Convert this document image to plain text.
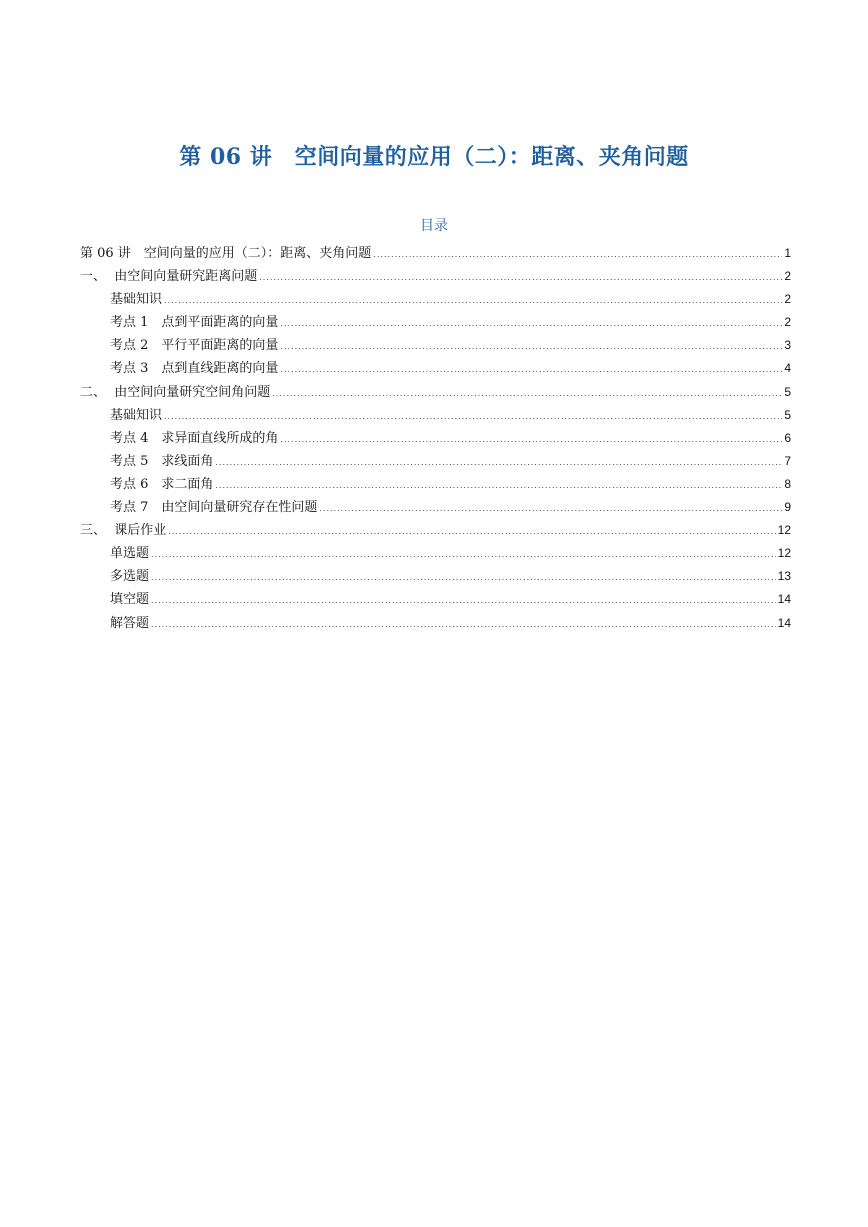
第 06 讲　空间向量的应用（二）：距离、夹角问题
目录
第 06 讲　空间向量的应用（二）：距离、夹角问题 .....	1
一、  由空间向量研究距离问题 .....	2
基础知识 .....	2
考点 1　点到平面距离的向量 .....	2
考点 2　平行平面距离的向量 .....	3
考点 3　点到直线距离的向量 .....	4
二、  由空间向量研究空间角问题 .....	5
基础知识 .....	5
考点 4　求异面直线所成的角 .....	6
考点 5　求线面角 .....	7
考点 6　求二面角 .....	8
考点 7　由空间向量研究存在性问题 .....	9
三、  课后作业 .....	12
单选题 .....	12
多选题 .....	13
填空题 .....	14
解答题 .....	14
